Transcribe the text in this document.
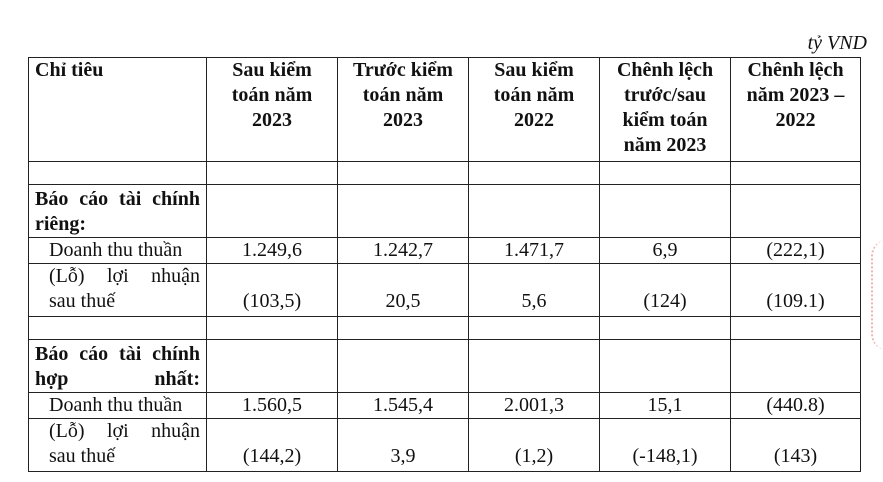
tỷ VND
Chỉ tiêu	Sau kiểm toán năm 2023	Trước kiểm toán năm 2023	Sau kiểm toán năm 2022	Chênh lệch trước/sau kiểm toán năm 2023	Chênh lệch năm 2023 – 2022

Báo cáo tài chính riêng:					

Doanh thu thuần	1.249,6	1.242,7	1.471,7	6,9	(222,1)

(Lỗ) lợi nhuận
sau thuế	(103,5)	20,5	5,6	(124)	(109.1)

Báo cáo tài chính hợp nhất:					

Doanh thu thuần	1.560,5	1.545,4	2.001,3	15,1	(440.8)

(Lỗ) lợi nhuận
sau thuế	(144,2)	3,9	(1,2)	(-148,1)	(143)
